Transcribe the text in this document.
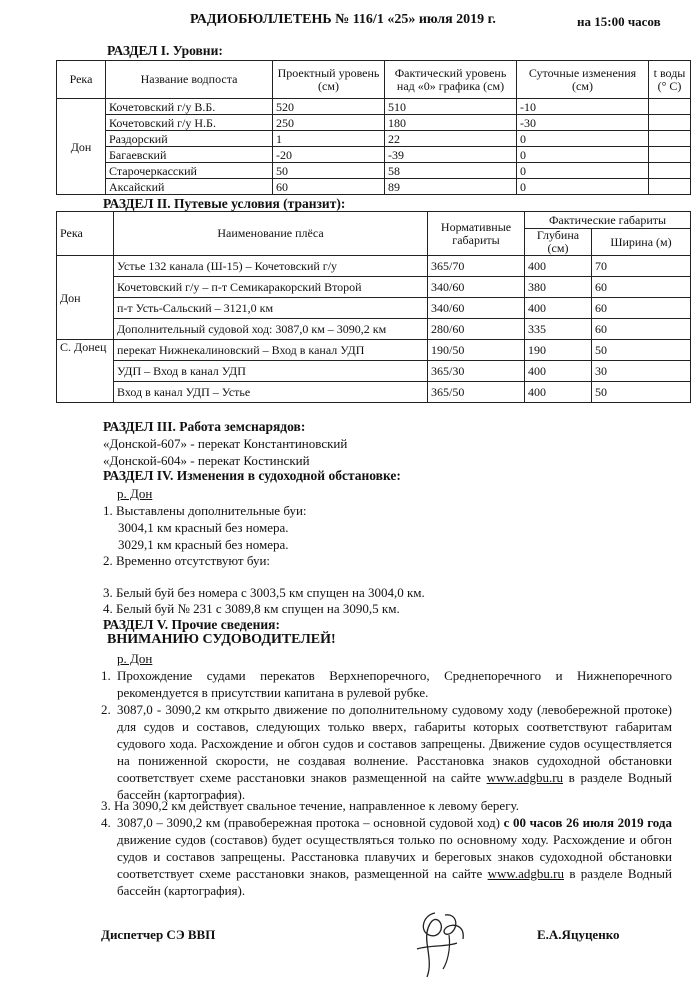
РАДИОБЮЛЛЕТЕНЬ № 116/1 «25» июля 2019 г.	на 15:00 часов
РАЗДЕЛ I. Уровни:
Река	Название водпоста	Проектный уровень (см)	Фактический уровень над «0» графика (см)	Суточные изменения (см)	t воды (° С)
Дон	Кочетовский г/у В.Б.	520	510	-10	
	Кочетовский г/у Н.Б.	250	180	-30	
	Раздорский	1	22	0	
	Багаевский	-20	-39	0	
	Старочеркасский	50	58	0	
	Аксайский	60	89	0	
РАЗДЕЛ II. Путевые условия (транзит):
Река	Наименование плёса	Нормативные габариты	Фактические габариты	
			Глубина (см)	Ширина (м)
Дон	Устье 132 канала (Ш-15) – Кочетовский г/у	365/70	400	70
	Кочетовский г/у – п-т Семикаракорский Второй	340/60	380	60
	п-т Усть-Сальский – 3121,0 км	340/60	400	60
	Дополнительный судовой ход: 3087,0 км – 3090,2 км	280/60	335	60
С. Донец	перекат Нижнекалиновский – Вход в канал УДП	190/50	190	50
	УДП – Вход в канал УДП	365/30	400	30
	Вход в канал УДП – Устье	365/50	400	50
РАЗДЕЛ III. Работа земснарядов:
«Донской-607» - перекат Константиновский
«Донской-604» - перекат Костинский
РАЗДЕЛ IV. Изменения в судоходной обстановке:
р. Дон
1. Выставлены дополнительные буи:
3004,1 км красный без номера.
3029,1 км красный без номера.
2. Временно отсутствуют буи:
3. Белый буй без номера с 3003,5 км спущен на 3004,0 км.
4. Белый буй № 231 с 3089,8 км спущен на 3090,5 км.
РАЗДЕЛ V. Прочие сведения:
ВНИМАНИЮ СУДОВОДИТЕЛЕЙ!
р. Дон
1. Прохождение судами перекатов Верхнепоречного, Среднепоречного и Нижнепоречного рекомендуется в присутствии капитана в рулевой рубке.
2. 3087,0 - 3090,2 км открыто движение по дополнительному судовому ходу (левобережной протоке) для судов и составов, следующих только вверх, габариты которых соответствуют габаритам судового хода. Расхождение и обгон судов и составов запрещены. Движение судов осуществляется на пониженной скорости, не создавая волнение. Расстановка знаков судоходной обстановки соответствует схеме расстановки знаков размещенной на сайте www.adgbu.ru в разделе Водный бассейн (картография).
3. На 3090,2 км действует свальное течение, направленное к левому берегу.
4. 3087,0 – 3090,2 км (правобережная протока – основной судовой ход) с 00 часов 26 июля 2019 года движение судов (составов) будет осуществляться только по основному ходу. Расхождение и обгон судов и составов запрещены. Расстановка плавучих и береговых знаков судоходной обстановки соответствует схеме расстановки знаков, размещенной на сайте www.adgbu.ru в разделе Водный бассейн (картография).
Диспетчер СЭ ВВП	Е.А.Яцуценко
